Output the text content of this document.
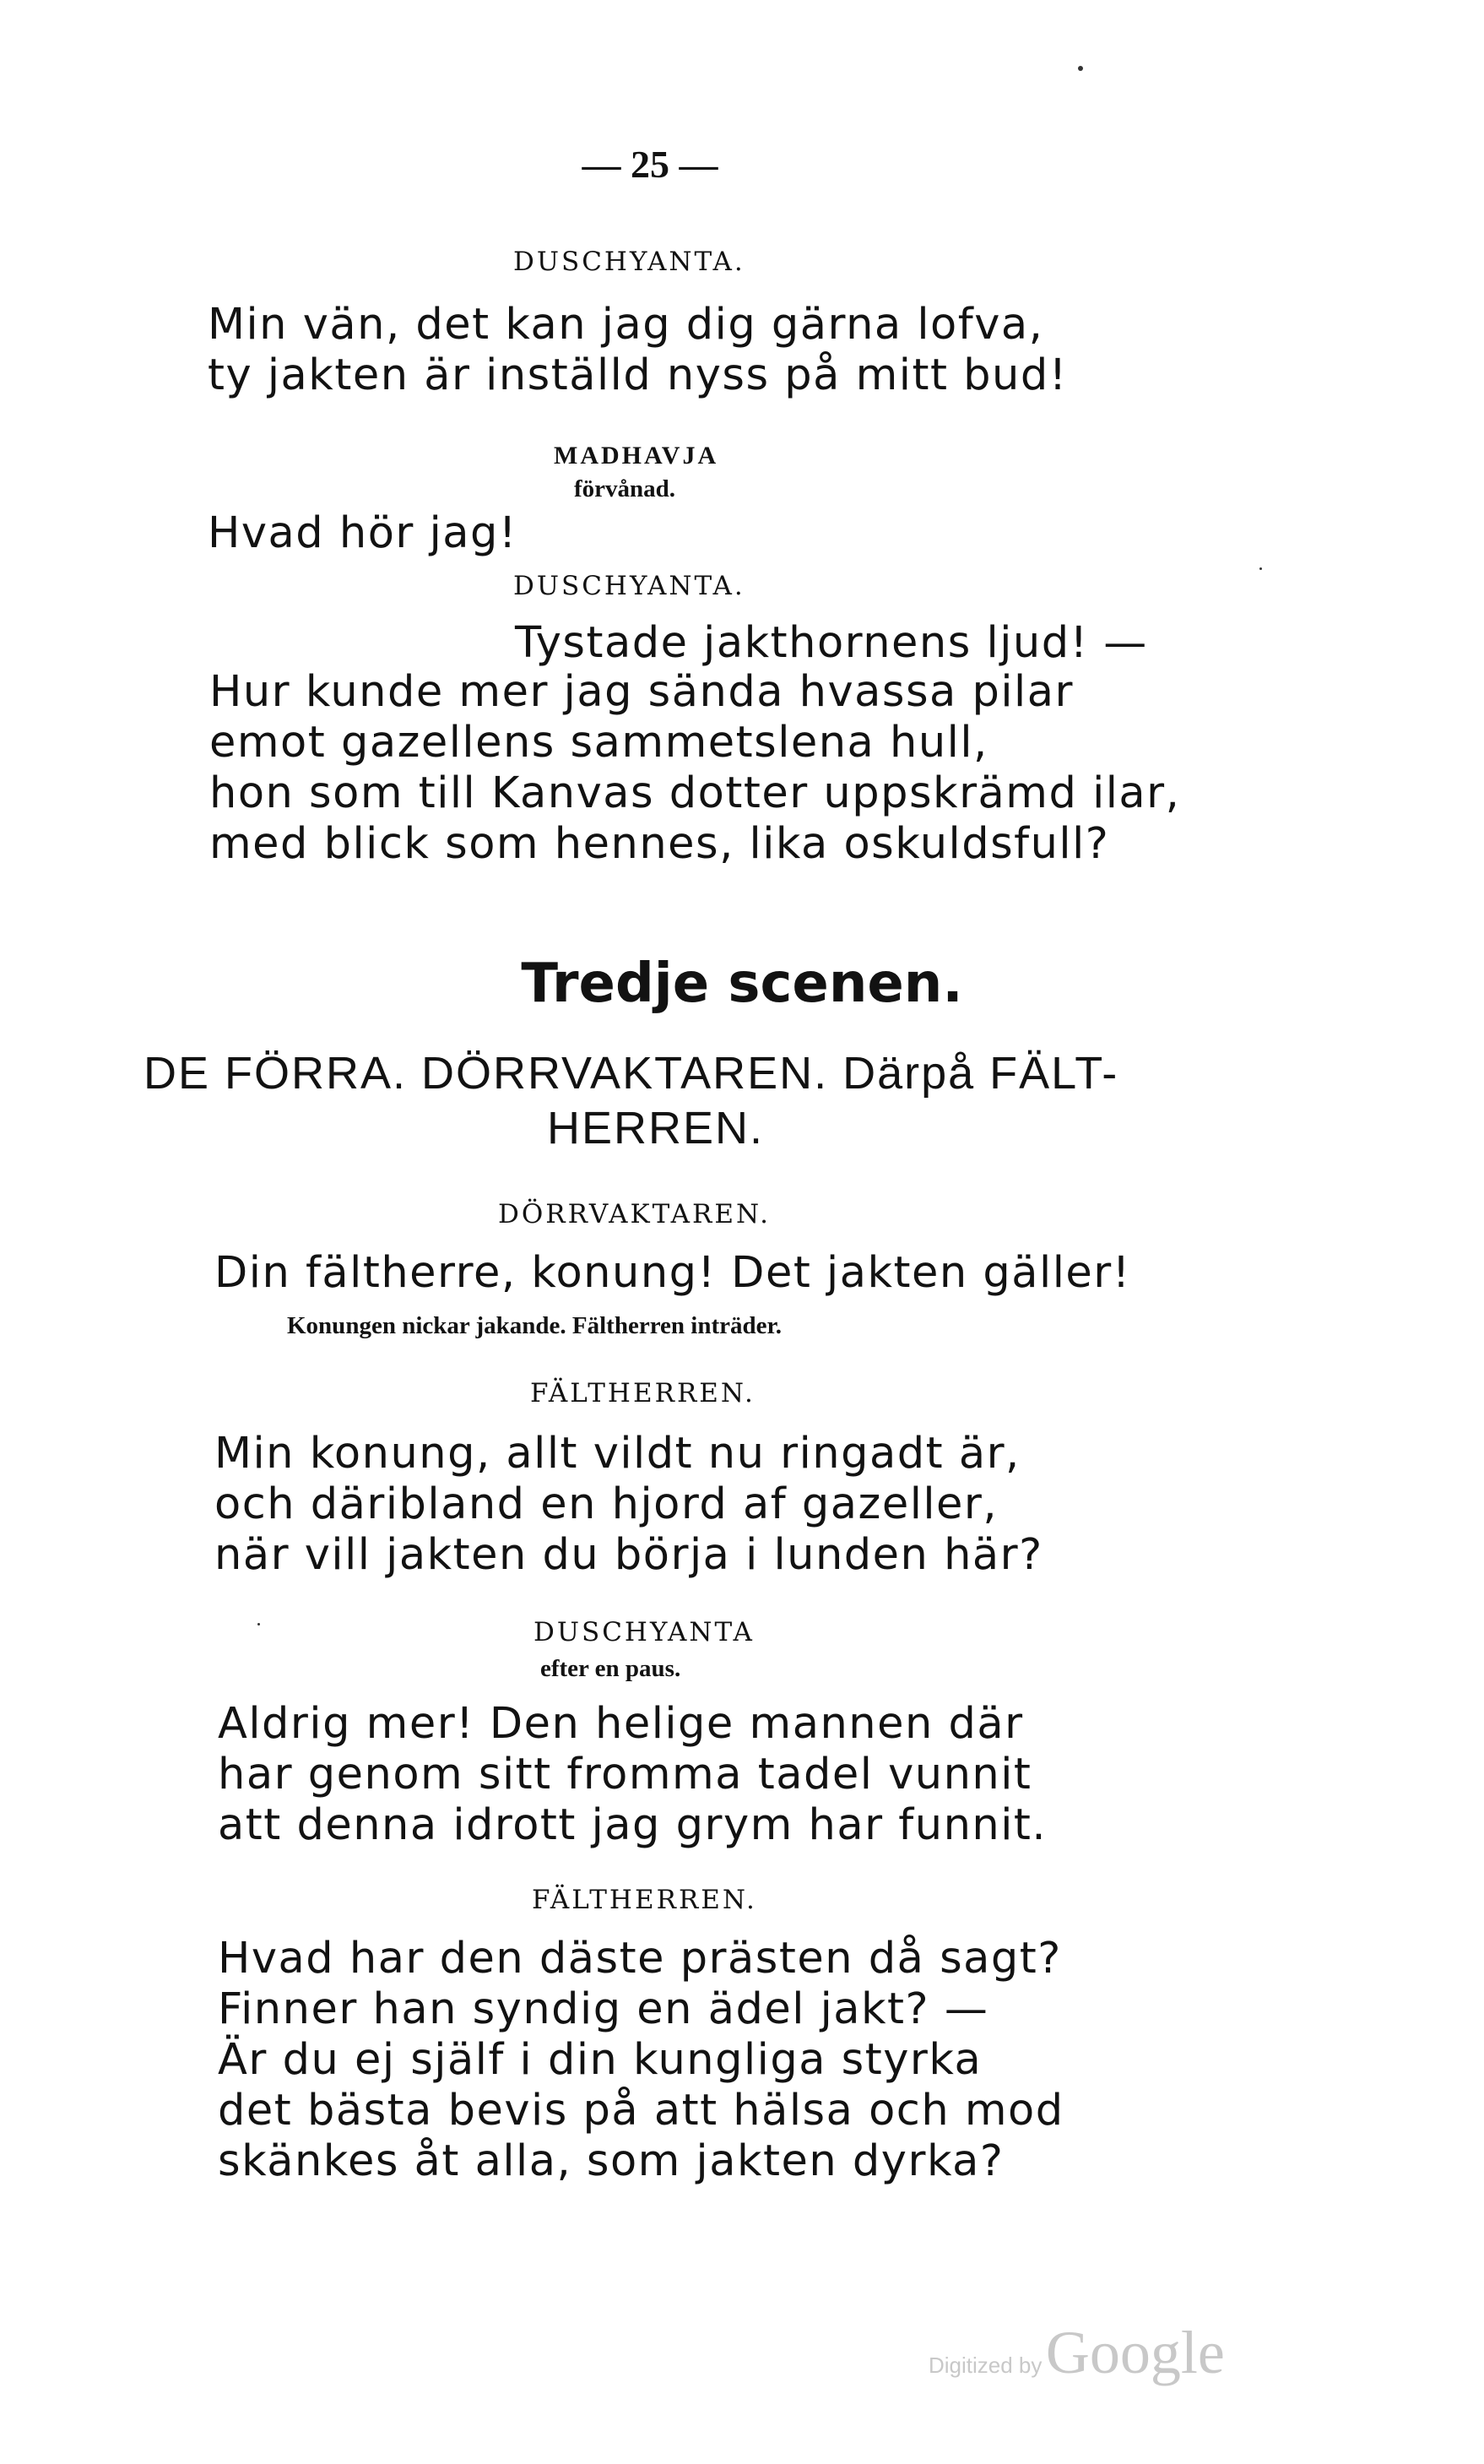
— 25 —
DUSCHYANTA.
Min vän, det kan jag dig gärna lofva,
ty jakten är inställd nyss på mitt bud!
MADHAVJA
förvånad.
Hvad hör jag!
DUSCHYANTA.
Tystade jakthornens ljud! —
Hur kunde mer jag sända hvassa pilar
emot gazellens sammetslena hull,
hon som till Kanvas dotter uppskrämd ilar,
med blick som hennes, lika oskuldsfull?
Tredje scenen.
DE FÖRRA. DÖRRVAKTAREN. Därpå FÄLT-
HERREN.
DÖRRVAKTAREN.
Din fältherre, konung! Det jakten gäller!
Konungen nickar jakande. Fältherren inträder.
FÄLTHERREN.
Min konung, allt vildt nu ringadt är,
och däribland en hjord af gazeller,
när vill jakten du börja i lunden här?
DUSCHYANTA
efter en paus.
Aldrig mer! Den helige mannen där
har genom sitt fromma tadel vunnit
att denna idrott jag grym har funnit.
FÄLTHERREN.
Hvad har den däste prästen då sagt?
Finner han syndig en ädel jakt? —
Är du ej själf i din kungliga styrka
det bästa bevis på att hälsa och mod
skänkes åt alla, som jakten dyrka?
Digitized by Google
